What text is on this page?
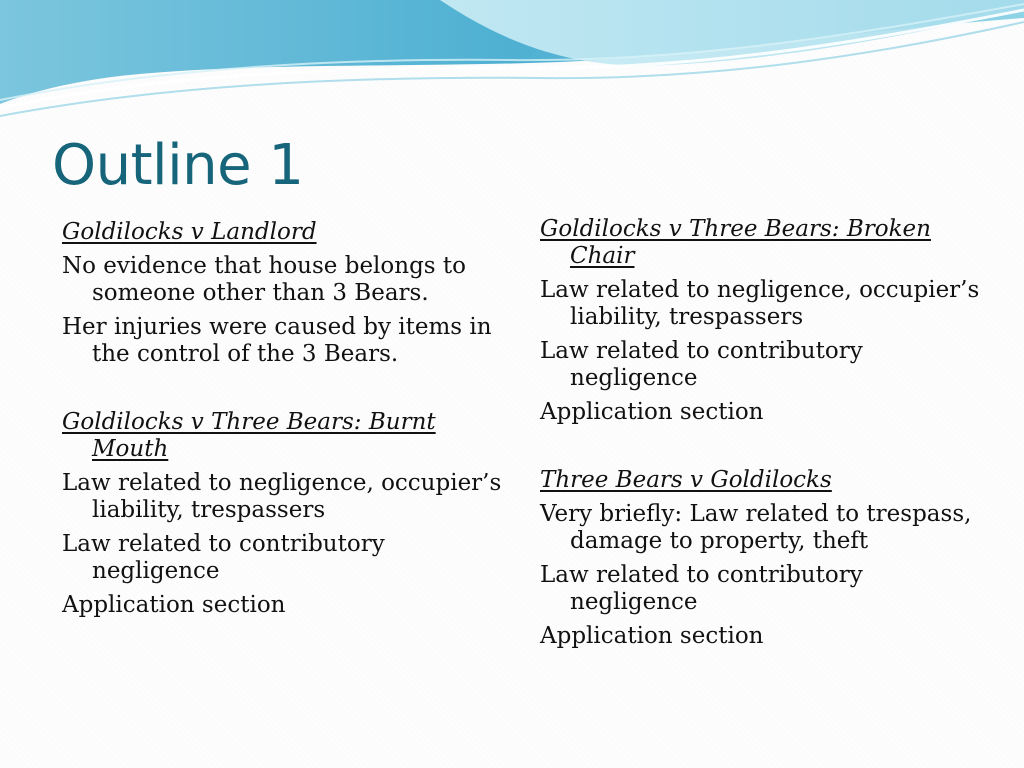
Outline 1
Goldilocks v Landlord
No evidence that house belongs to someone other than 3 Bears.
Her injuries were caused by items in the control of the 3 Bears.
Goldilocks v Three Bears: Burnt Mouth
Law related to negligence, occupier’s liability, trespassers
Law related to contributory negligence
Application section
Goldilocks v Three Bears: Broken Chair
Law related to negligence, occupier’s liability, trespassers
Law related to contributory negligence
Application section
Three Bears v Goldilocks
Very briefly: Law related to trespass, damage to property, theft
Law related to contributory negligence
Application section
